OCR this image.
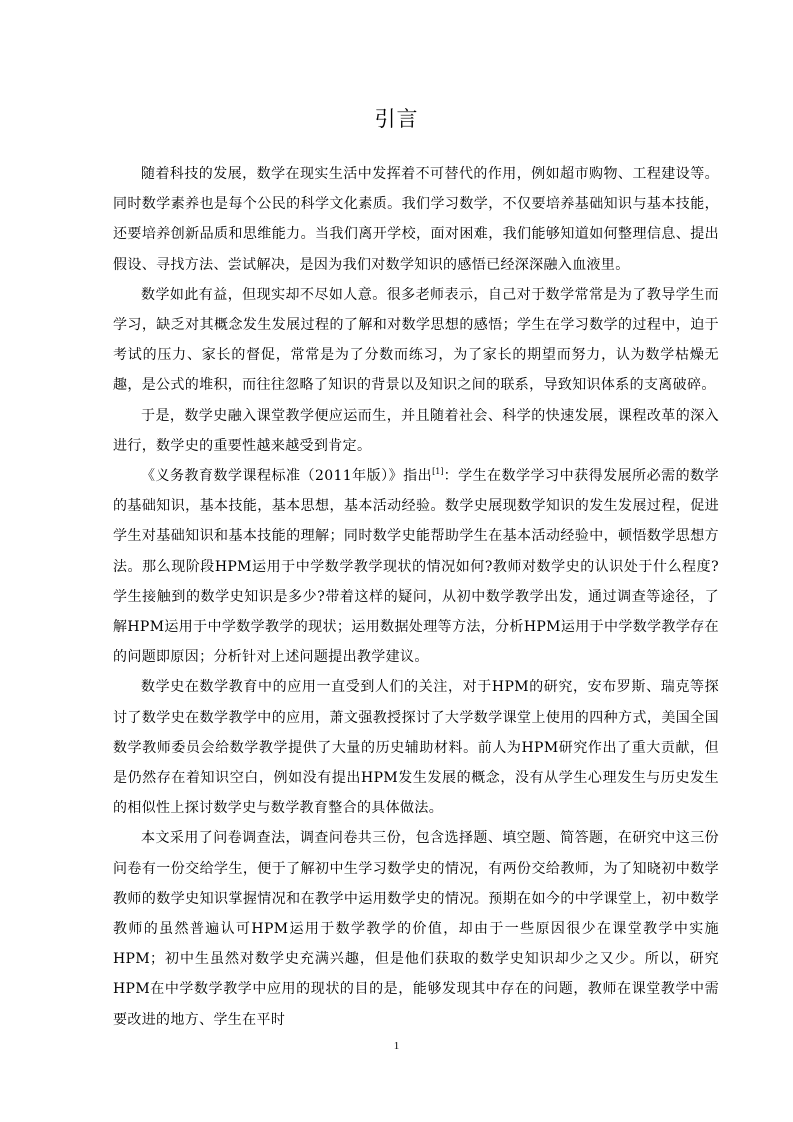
引言

随着科技的发展，数学在现实生活中发挥着不可替代的作用，例如超市购物、工程建设等。同时数学素养也是每个公民的科学文化素质。我们学习数学，不仅要培养基础知识与基本技能，还要培养创新品质和思维能力。当我们离开学校，面对困难，我们能够知道如何整理信息、提出假设、寻找方法、尝试解决，是因为我们对数学知识的感悟已经深深融入血液里。

数学如此有益，但现实却不尽如人意。很多老师表示，自己对于数学常常是为了教导学生而学习，缺乏对其概念发生发展过程的了解和对数学思想的感悟；学生在学习数学的过程中，迫于考试的压力、家长的督促，常常是为了分数而练习，为了家长的期望而努力，认为数学枯燥无趣，是公式的堆积，而往往忽略了知识的背景以及知识之间的联系，导致知识体系的支离破碎。

于是，数学史融入课堂教学便应运而生，并且随着社会、科学的快速发展，课程改革的深入进行，数学史的重要性越来越受到肯定。

《义务教育数学课程标准（2011年版）》指出[1]：学生在数学学习中获得发展所必需的数学的基础知识，基本技能，基本思想，基本活动经验。数学史展现数学知识的发生发展过程，促进学生对基础知识和基本技能的理解；同时数学史能帮助学生在基本活动经验中，顿悟数学思想方法。那么现阶段HPM运用于中学数学教学现状的情况如何?教师对数学史的认识处于什么程度?学生接触到的数学史知识是多少?带着这样的疑问，从初中数学教学出发，通过调查等途径，了解HPM运用于中学数学教学的现状；运用数据处理等方法，分析HPM运用于中学数学教学存在的问题即原因；分析针对上述问题提出教学建议。

数学史在数学教育中的应用一直受到人们的关注，对于HPM的研究，安布罗斯、瑞克等探讨了数学史在数学教学中的应用，萧文强教授探讨了大学数学课堂上使用的四种方式，美国全国数学教师委员会给数学教学提供了大量的历史辅助材料。前人为HPM研究作出了重大贡献，但是仍然存在着知识空白，例如没有提出HPM发生发展的概念，没有从学生心理发生与历史发生的相似性上探讨数学史与数学教育整合的具体做法。

本文采用了问卷调查法，调查问卷共三份，包含选择题、填空题、简答题，在研究中这三份问卷有一份交给学生，便于了解初中生学习数学史的情况，有两份交给教师，为了知晓初中数学教师的数学史知识掌握情况和在教学中运用数学史的情况。预期在如今的中学课堂上，初中数学教师的虽然普遍认可HPM运用于数学教学的价值，却由于一些原因很少在课堂教学中实施HPM；初中生虽然对数学史充满兴趣，但是他们获取的数学史知识却少之又少。所以，研究HPM在中学数学教学中应用的现状的目的是，能够发现其中存在的问题，教师在课堂教学中需要改进的地方、学生在平时

1
